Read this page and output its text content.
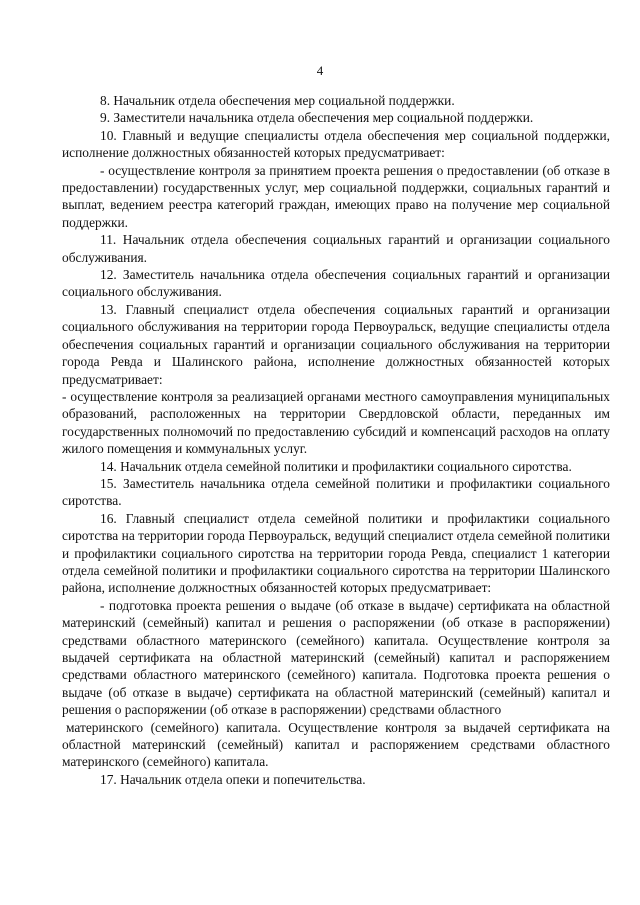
4

8. Начальник отдела обеспечения мер социальной поддержки.

9. Заместители начальника отдела обеспечения мер социальной поддержки.

10. Главный и ведущие специалисты отдела обеспечения мер социальной поддержки, исполнение должностных обязанностей которых предусматривает:

- осуществление контроля за принятием проекта решения о предоставлении (об отказе в предоставлении) государственных услуг, мер социальной поддержки, социальных гарантий и выплат, ведением реестра категорий граждан, имеющих право на получение мер социальной поддержки.

11. Начальник отдела обеспечения социальных гарантий и организации социального обслуживания.

12. Заместитель начальника отдела обеспечения социальных гарантий и организации социального обслуживания.

13. Главный специалист отдела обеспечения социальных гарантий и организации социального обслуживания на территории города Первоуральск, ведущие специалисты отдела обеспечения социальных гарантий и организации социального обслуживания на территории города Ревда и Шалинского района, исполнение должностных обязанностей которых предусматривает:

- осуществление контроля за реализацией органами местного самоуправления муниципальных образований, расположенных на территории Свердловской области, переданных им государственных полномочий по предоставлению субсидий и компенсаций расходов на оплату жилого помещения и коммунальных услуг.

14. Начальник отдела семейной политики и профилактики социального сиротства.

15. Заместитель начальника отдела семейной политики и профилактики социального сиротства.

16. Главный специалист отдела семейной политики и профилактики социального сиротства на территории города Первоуральск, ведущий специалист отдела семейной политики и профилактики социального сиротства на территории города Ревда, специалист 1 категории отдела семейной политики и профилактики социального сиротства на территории Шалинского района, исполнение должностных обязанностей которых предусматривает:

- подготовка проекта решения о выдаче (об отказе в выдаче) сертификата на областной материнский (семейный) капитал и решения о распоряжении (об отказе в распоряжении) средствами областного материнского (семейного) капитала. Осуществление контроля за выдачей сертификата на областной материнский (семейный) капитал и распоряжением средствами областного материнского (семейного) капитала. Подготовка проекта решения о выдаче (об отказе в выдаче) сертификата на областной материнский (семейный) капитал и решения о распоряжении (об отказе в распоряжении) средствами областного

материнского (семейного) капитала. Осуществление контроля за выдачей сертификата на областной материнский (семейный) капитал и распоряжением средствами областного материнского (семейного) капитала.

17. Начальник отдела опеки и попечительства.
